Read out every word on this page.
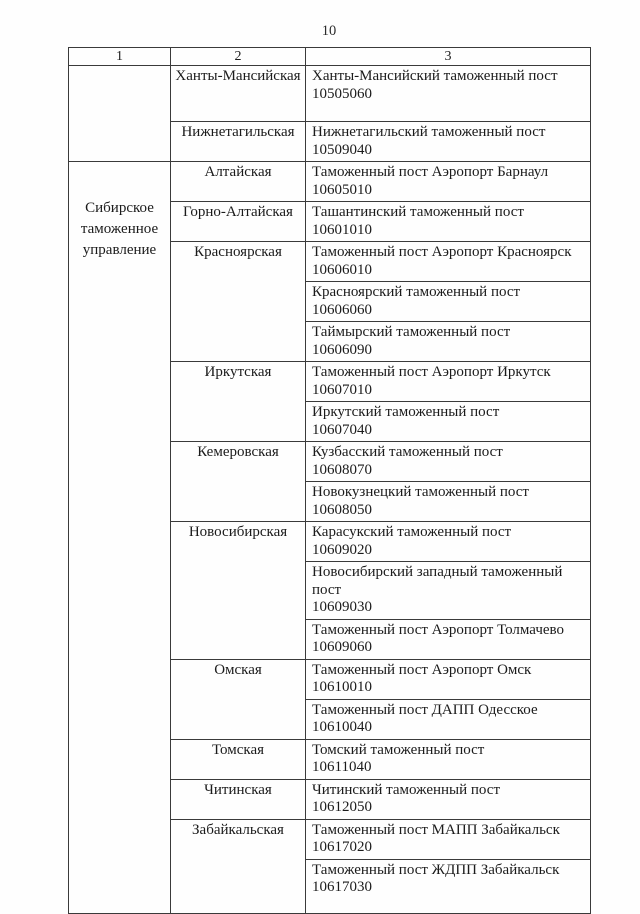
10
1	2	3
	Ханты-Мансийская	Ханты-Мансийский таможенный пост
10505060

	Нижнетагильская	Нижнетагильский таможенный пост
10509040

Сибирское таможенное управление	Алтайская	Таможенный пост Аэропорт Барнаул
10605010

	Горно-Алтайская	Ташантинский таможенный пост
10601010

	Красноярская	Таможенный пост Аэропорт Красноярск
10606010

		Красноярский таможенный пост
10606060

		Таймырский таможенный пост
10606090

	Иркутская	Таможенный пост Аэропорт Иркутск
10607010

		Иркутский таможенный пост
10607040

	Кемеровская	Кузбасский таможенный пост
10608070

		Новокузнецкий таможенный пост
10608050

	Новосибирская	Карасукский таможенный пост
10609020

		Новосибирский западный таможенный пост
10609030

		Таможенный пост Аэропорт Толмачево
10609060

	Омская	Таможенный пост Аэропорт Омск
10610010

		Таможенный пост ДАПП Одесское
10610040

	Томская	Томский таможенный пост
10611040

	Читинская	Читинский таможенный пост
10612050

	Забайкальская	Таможенный пост МАПП Забайкальск
10617020

		Таможенный пост ЖДПП Забайкальск
10617030
